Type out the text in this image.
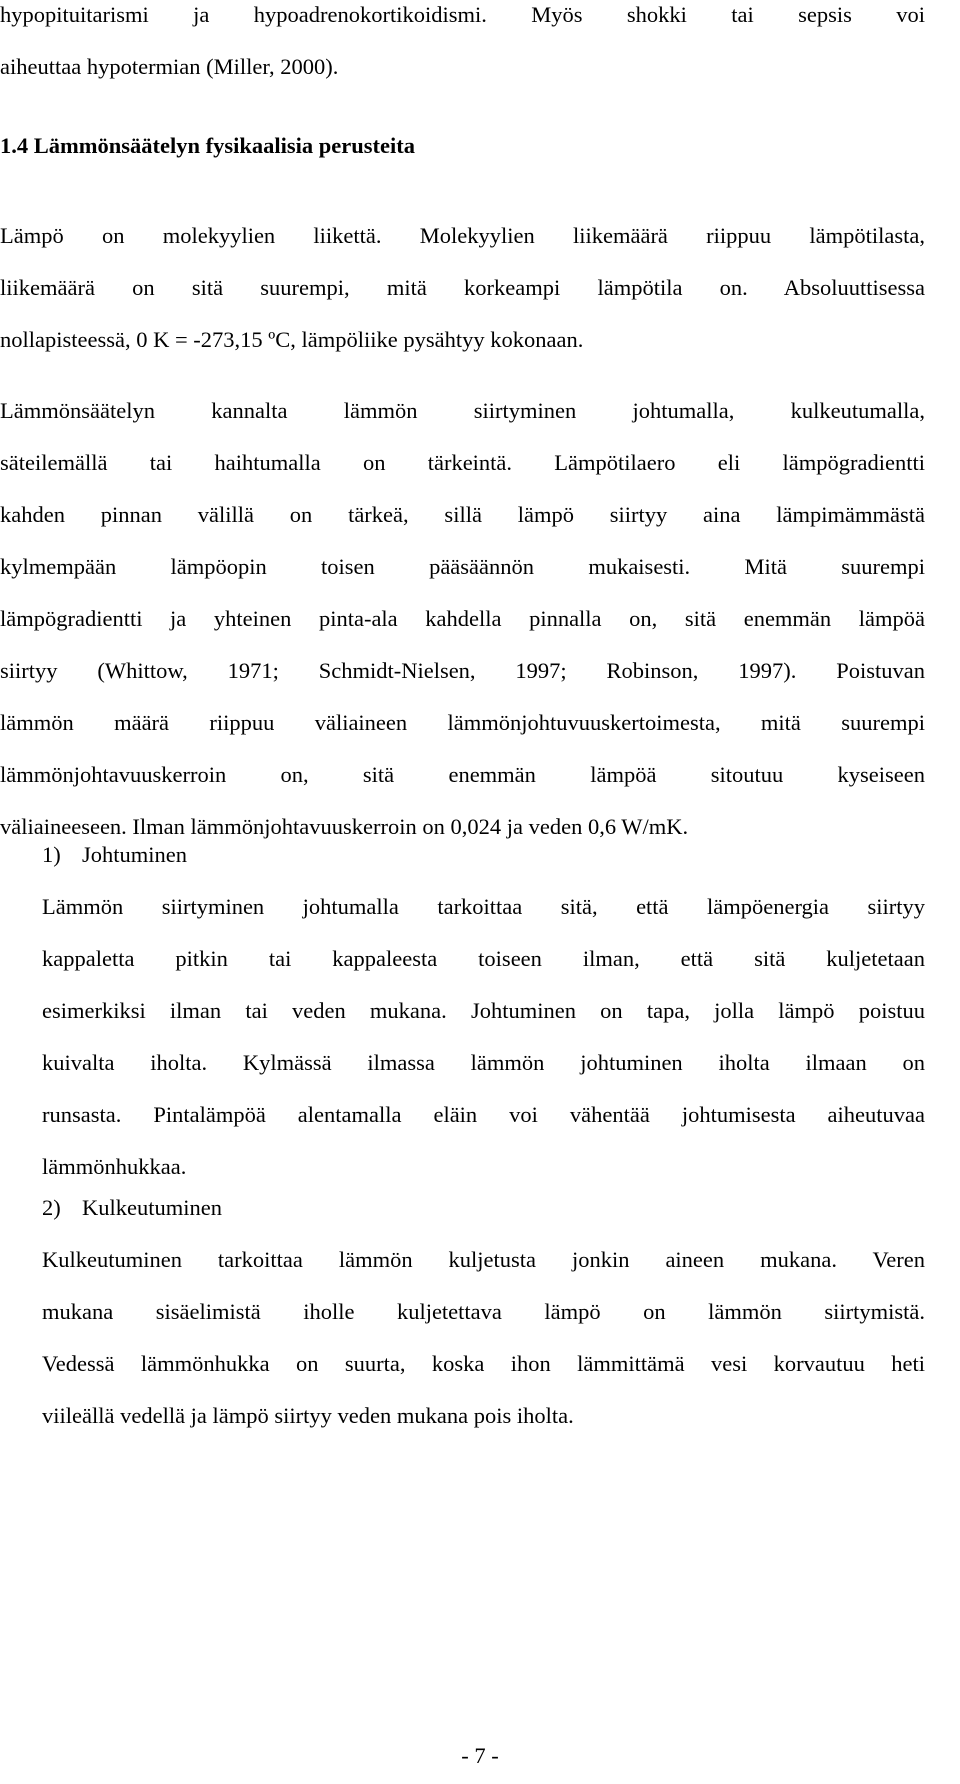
hypopituitarismi ja hypoadrenokortikoidismi. Myös shokki tai sepsis voi
aiheuttaa hypotermian (Miller, 2000).
1.4 Lämmönsäätelyn fysikaalisia perusteita
Lämpö on molekyylien liikettä. Molekyylien liikemäärä riippuu lämpötilasta,
liikemäärä on sitä suurempi, mitä korkeampi lämpötila on. Absoluuttisessa
nollapisteessä, 0 K = -273,15 ºC, lämpöliike pysähtyy kokonaan.
Lämmönsäätelyn kannalta lämmön siirtyminen johtumalla, kulkeutumalla,
säteilemällä tai haihtumalla on tärkeintä. Lämpötilaero eli lämpögradientti
kahden pinnan välillä on tärkeä, sillä lämpö siirtyy aina lämpimämmästä
kylmempään lämpöopin toisen pääsäännön mukaisesti. Mitä suurempi
lämpögradientti ja yhteinen pinta-ala kahdella pinnalla on, sitä enemmän lämpöä
siirtyy (Whittow, 1971; Schmidt-Nielsen, 1997; Robinson, 1997). Poistuvan
lämmön määrä riippuu väliaineen lämmönjohtuvuuskertoimesta, mitä suurempi
lämmönjohtavuuskerroin on, sitä enemmän lämpöä sitoutuu kyseiseen
väliaineeseen. Ilman lämmönjohtavuuskerroin on 0,024 ja veden 0,6 W/mK.
1) Johtuminen
Lämmön siirtyminen johtumalla tarkoittaa sitä, että lämpöenergia siirtyy
kappaletta pitkin tai kappaleesta toiseen ilman, että sitä kuljetetaan
esimerkiksi ilman tai veden mukana. Johtuminen on tapa, jolla lämpö poistuu
kuivalta iholta. Kylmässä ilmassa lämmön johtuminen iholta ilmaan on
runsasta. Pintalämpöä alentamalla eläin voi vähentää johtumisesta aiheutuvaa
lämmönhukkaa.
2) Kulkeutuminen
Kulkeutuminen tarkoittaa lämmön kuljetusta jonkin aineen mukana. Veren
mukana sisäelimistä iholle kuljetettava lämpö on lämmön siirtymistä.
Vedessä lämmönhukka on suurta, koska ihon lämmittämä vesi korvautuu heti
viileällä vedellä ja lämpö siirtyy veden mukana pois iholta.
- 7 -
